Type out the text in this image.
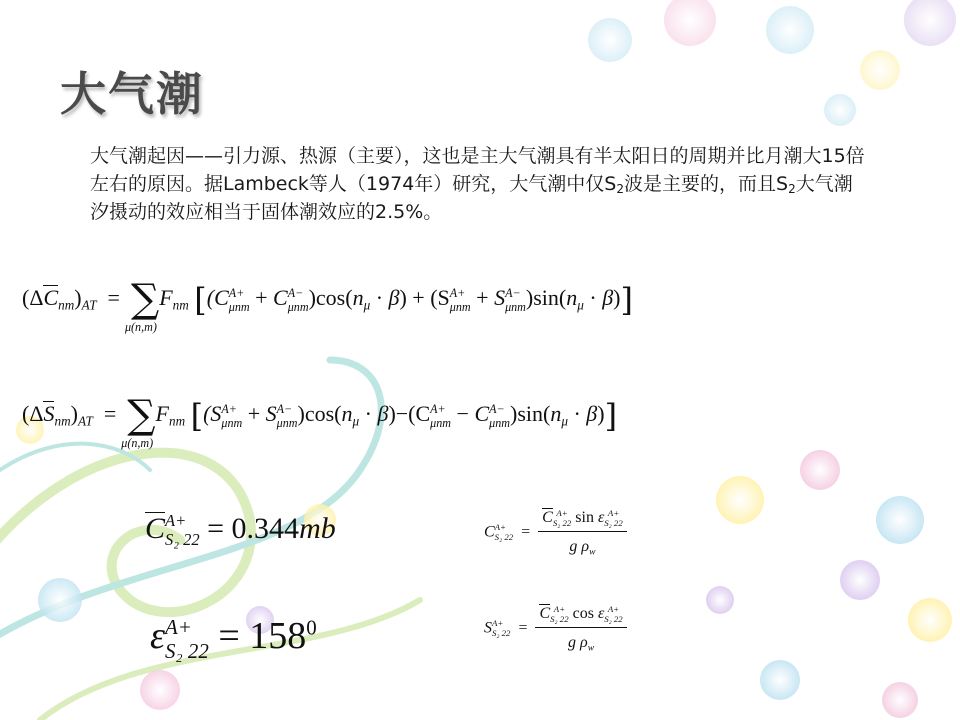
大气潮
大气潮起因——引力源、热源（主要），这也是主大气潮具有半太阳日的周期并比月潮大15倍左右的原因。据Lambeck等人（1974年）研究，大气潮中仅$S_2$波是主要的，而且$S_2$大气潮汐摄动的效应相当于固体潮效应的2.5%。
$(\Delta C_{nm})_{AT}$ = ∑
μ(n,m)
$F_{nm}$ [(C A+
μnm + C A−
μnm )$\cos(n_\mu \cdot \beta) + (S$ A+
μnm + S A−
μnm )$\sin(n_\mu \cdot \beta)$]
$(\Delta S_{nm})_{AT}$ = ∑
μ(n,m)
$F_{nm}$ [(S A+
μnm + S A−
μnm )$\cos(n_\mu \cdot \beta)-(C$ A+
μnm − C A−
μnm )$\sin(n_\mu \cdot \beta)$]
C A+
S₂ 22 = 0.344mb
ε A+
S₂ $22 = 158^0$
C A+
S₂ 22 = C A+
S₂ 22 sin ε A+
S₂ 22
g $\rho_w$
S A+
S₂ 22 = C A+
S₂ 22 cos ε A+
S₂ 22
g $\rho_w$
